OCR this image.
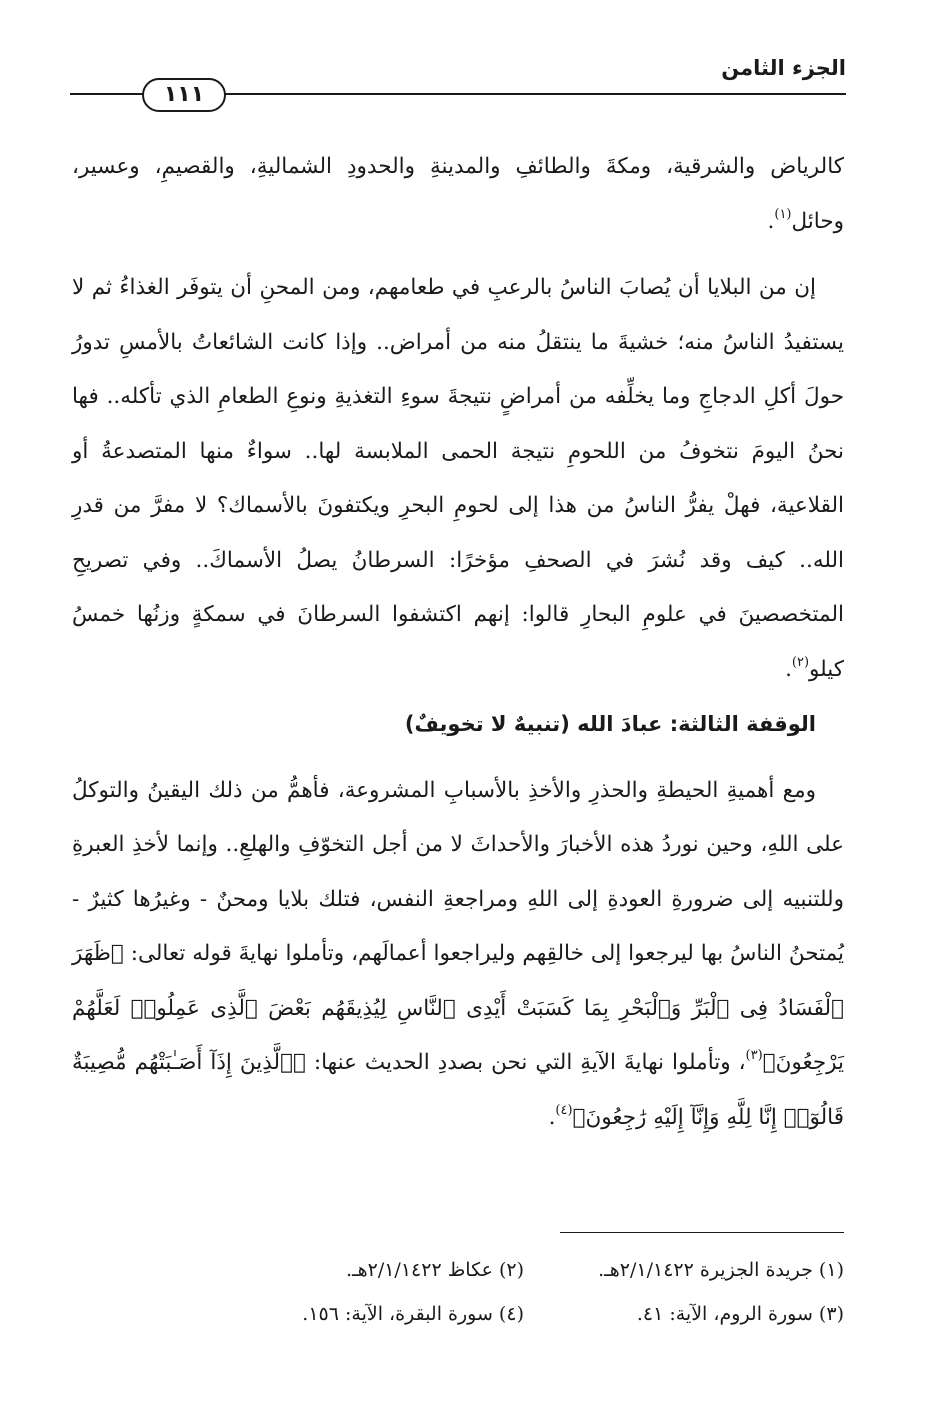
الجزء الثامن
١١١

كالرياض والشرقية، ومكةَ والطائفِ والمدينةِ والحدودِ الشماليةِ، والقصيمِ، وعسير، وحائل$^{(١)}$.

إن من البلايا أن يُصابَ الناسُ بالرعبِ في طعامهم، ومن المحنِ أن يتوفَر الغذاءُ ثم لا يستفيدُ الناسُ منه؛ خشيةَ ما ينتقلُ منه من أمراض.. وإذا كانت الشائعاتُ بالأمسِ تدورُ حولَ أكلِ الدجاجِ وما يخلِّفه من أمراضٍ نتيجةَ سوءِ التغذيةِ ونوعِ الطعامِ الذي تأكله.. فها نحنُ اليومَ نتخوفُ من اللحومِ نتيجة الحمى الملابسة لها.. سواءٌ منها المتصدعةُ أو القلاعية، فهلْ يفرُّ الناسُ من هذا إلى لحومِ البحرِ ويكتفونَ بالأسماك؟ لا مفرَّ من قدرِ الله.. كيف وقد نُشرَ في الصحفِ مؤخرًا: السرطانُ يصلُ الأسماكَ.. وفي تصريحِ المتخصصينَ في علومِ البحارِ قالوا: إنهم اكتشفوا السرطانَ في سمكةٍ وزنُها خمسُ كيلو$^{(٢)}$.

الوقفة الثالثة: عبادَ الله (تنبيهٌ لا تخويفٌ)

ومع أهميةِ الحيطةِ والحذرِ والأخذِ بالأسبابِ المشروعة، فأهمُّ من ذلك اليقينُ والتوكلُ على اللهِ، وحين نوردُ هذه الأخبارَ والأحداثَ لا من أجل التخوّفِ والهلعِ.. وإنما لأخذِ العبرةِ وللتنبيه إلى ضرورةِ العودةِ إلى اللهِ ومراجعةِ النفس، فتلك بلايا ومحنٌ - وغيرُها كثيرٌ - يُمتحنُ الناسُ بها ليرجعوا إلى خالقِهم وليراجعوا أعمالَهم، وتأملوا نهايةَ قوله تعالى: ﴿ظَهَرَ ٱلْفَسَادُ فِى ٱلْبَرِّ وَٱلْبَحْرِ بِمَا كَسَبَتْ أَيْدِى ٱلنَّاسِ لِيُذِيقَهُم بَعْضَ ٱلَّذِى عَمِلُوا۟ لَعَلَّهُمْ يَرْجِعُونَ﴾$^{(٣)}$، وتأملوا نهايةَ الآيةِ التي نحن بصددِ الحديث عنها: ﴿ٱلَّذِينَ إِذَآ أَصَـٰبَتْهُم مُّصِيبَةٌ قَالُوٓا۟ إِنَّا لِلَّهِ وَإِنَّآ إِلَيْهِ رَٰجِعُونَ﴾$^{(٤)}$.

(١) جريدة الجزيرة ٢/١/١٤٢٢هـ.
(٢) عكاظ ٢/١/١٤٢٢هـ.
(٣) سورة الروم، الآية: ٤١.
(٤) سورة البقرة، الآية: ١٥٦.
